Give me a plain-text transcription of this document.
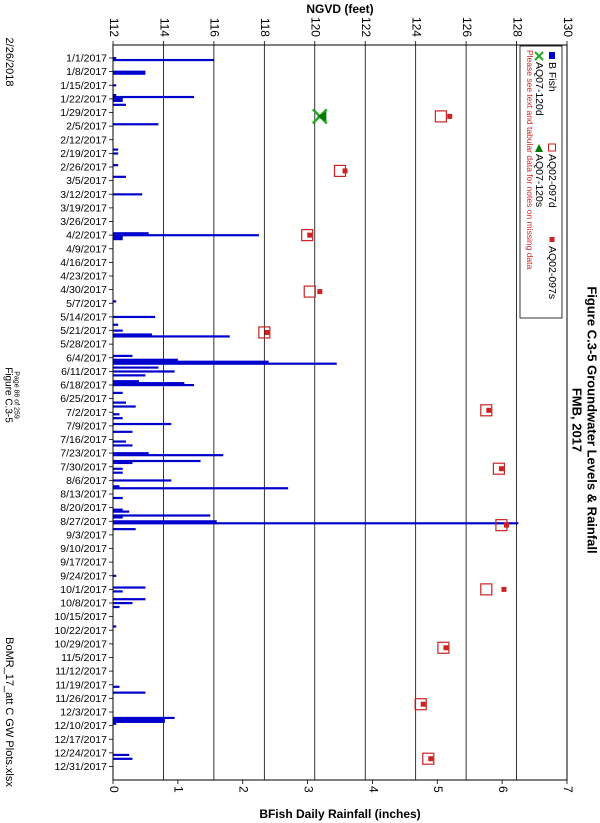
1/1/2017
1/8/2017
1/15/2017
1/22/2017
1/29/2017
2/5/2017
2/12/2017
2/19/2017
2/26/2017
3/5/2017
3/12/2017
3/19/2017
3/26/2017
4/2/2017
4/9/2017
4/16/2017
4/23/2017
4/30/2017
5/7/2017
5/14/2017
5/21/2017
5/28/2017
6/4/2017
6/11/2017
6/18/2017
6/25/2017
7/2/2017
7/9/2017
7/16/2017
7/23/2017
7/30/2017
8/6/2017
8/13/2017
8/20/2017
8/27/2017
9/3/2017
9/10/2017
9/17/2017
9/24/2017
10/1/2017
10/8/2017
10/15/2017
10/22/2017
10/29/2017
11/5/2017
11/12/2017
11/19/2017
11/26/2017
12/3/2017
12/10/2017
12/17/2017
12/24/2017
12/31/2017
0	1	2	3	4	5	6	7
112	114	116	118	120	122	124	126	128	130
B Fish
AQ02-097d
AQ02-097s
AQ07-120d
AQ07-120s
Please see text and tabular data for notes on missing data
Figure C.3-5 Groundwater Levels & Rainfall
FMB, 2017
NGVD (feet)
BFish Daily Rainfall (inches)
2/26/2018
Page 86 of 259
Figure C.3-5
BoMR_17_att C GW Plots.xlsx
